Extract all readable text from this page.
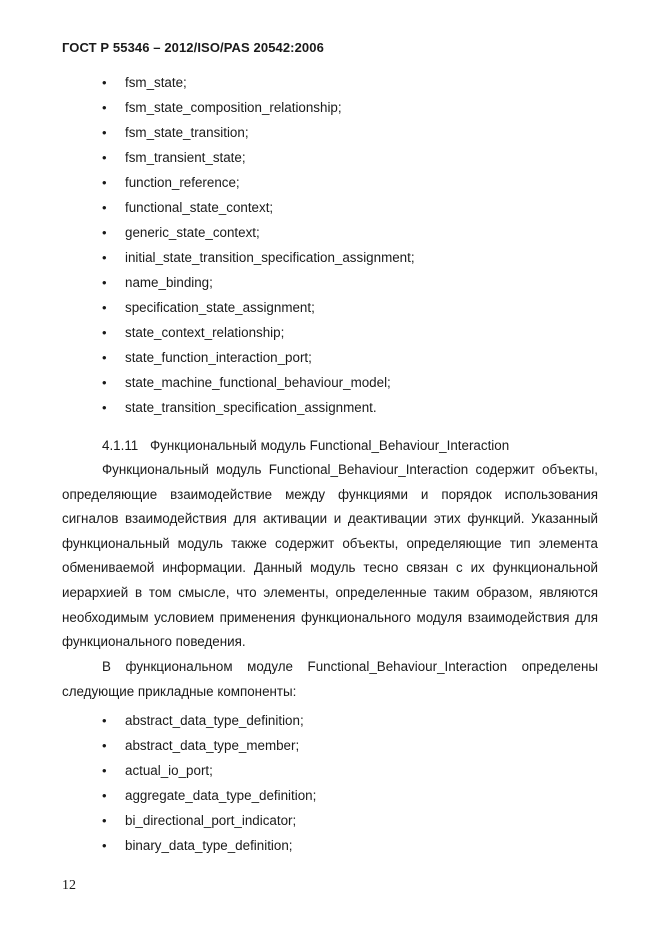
ГОСТ Р 55346 – 2012/ISO/PAS 20542:2006
• fsm_state;
• fsm_state_composition_relationship;
• fsm_state_transition;
• fsm_transient_state;
• function_reference;
• functional_state_context;
• generic_state_context;
• initial_state_transition_specification_assignment;
• name_binding;
• specification_state_assignment;
• state_context_relationship;
• state_function_interaction_port;
• state_machine_functional_behaviour_model;
• state_transition_specification_assignment.
4.1.11 Функциональный модуль Functional_Behaviour_Interaction
Функциональный модуль Functional_Behaviour_Interaction содержит объекты, определяющие взаимодействие между функциями и порядок использования сигналов взаимодействия для активации и деактивации этих функций. Указанный функциональный модуль также содержит объекты, определяющие тип элемента обмениваемой информации. Данный модуль тесно связан с их функциональной иерархией в том смысле, что элементы, определенные таким образом, являются необходимым условием применения функционального модуля взаимодействия для функционального поведения.
В функциональном модуле Functional_Behaviour_Interaction определены следующие прикладные компоненты:
• abstract_data_type_definition;
• abstract_data_type_member;
• actual_io_port;
• aggregate_data_type_definition;
• bi_directional_port_indicator;
• binary_data_type_definition;
12
